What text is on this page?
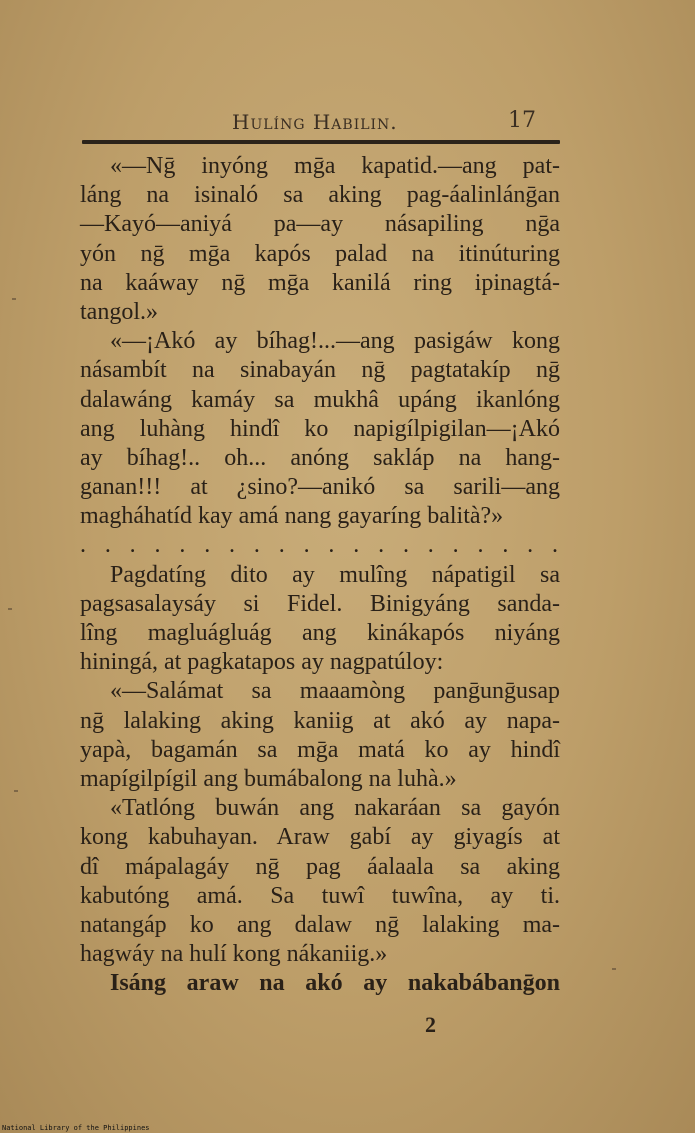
Hulíng Habilin.	17
«—Nḡ inyóng mḡa kapatid.—ang pat-
láng na isinaló sa aking pag-áalinlánḡan
—Kayó—aniyá pa—ay násapiling nḡa
yón nḡ mḡa kapós palad na itinúturing
na kaáway nḡ mḡa kanilá ring ipinagtá-
tangol.»
«—¡Akó ay bíhag!...—ang pasigáw kong
násambít na sinabayán nḡ pagtatakíp nḡ
dalawáng kamáy sa mukhâ upáng ikanlóng
ang luhàng hindî ko napigílpigilan—¡Akó
ay bíhag!.. oh... anóng sakláp na hang-
ganan!!! at ¿sino?—anikó sa sarili—ang
magháhatíd kay amá nang gayaríng balità?»
. . . . . . . . . . . . . . . . . . . .
Pagdatíng dito ay mulîng nápatigil sa
pagsasalaysáy si Fidel. Binigyáng sanda-
lîng magluágluág ang kinákapós niyáng
hiningá, at pagkatapos ay nagpatúloy:
«—Salámat sa maaamòng panḡunḡusap
nḡ lalaking aking kaniig at akó ay napa-
yapà, bagamán sa mḡa matá ko ay hindî
mapígilpígil ang bumábalong na luhà.»
«Tatlóng buwán ang nakaráan sa gayón
kong kabuhayan. Araw gabí ay giyagís at
dî mápalagáy nḡ pag áalaala sa aking
kabutóng amá. Sa tuwî tuwîna, ay ti.
natangáp ko ang dalaw nḡ lalaking ma-
hagwáy na hulí kong nákaniig.»
Isáng araw na akó ay nakabábanḡon
2
National Library of the Philippines
